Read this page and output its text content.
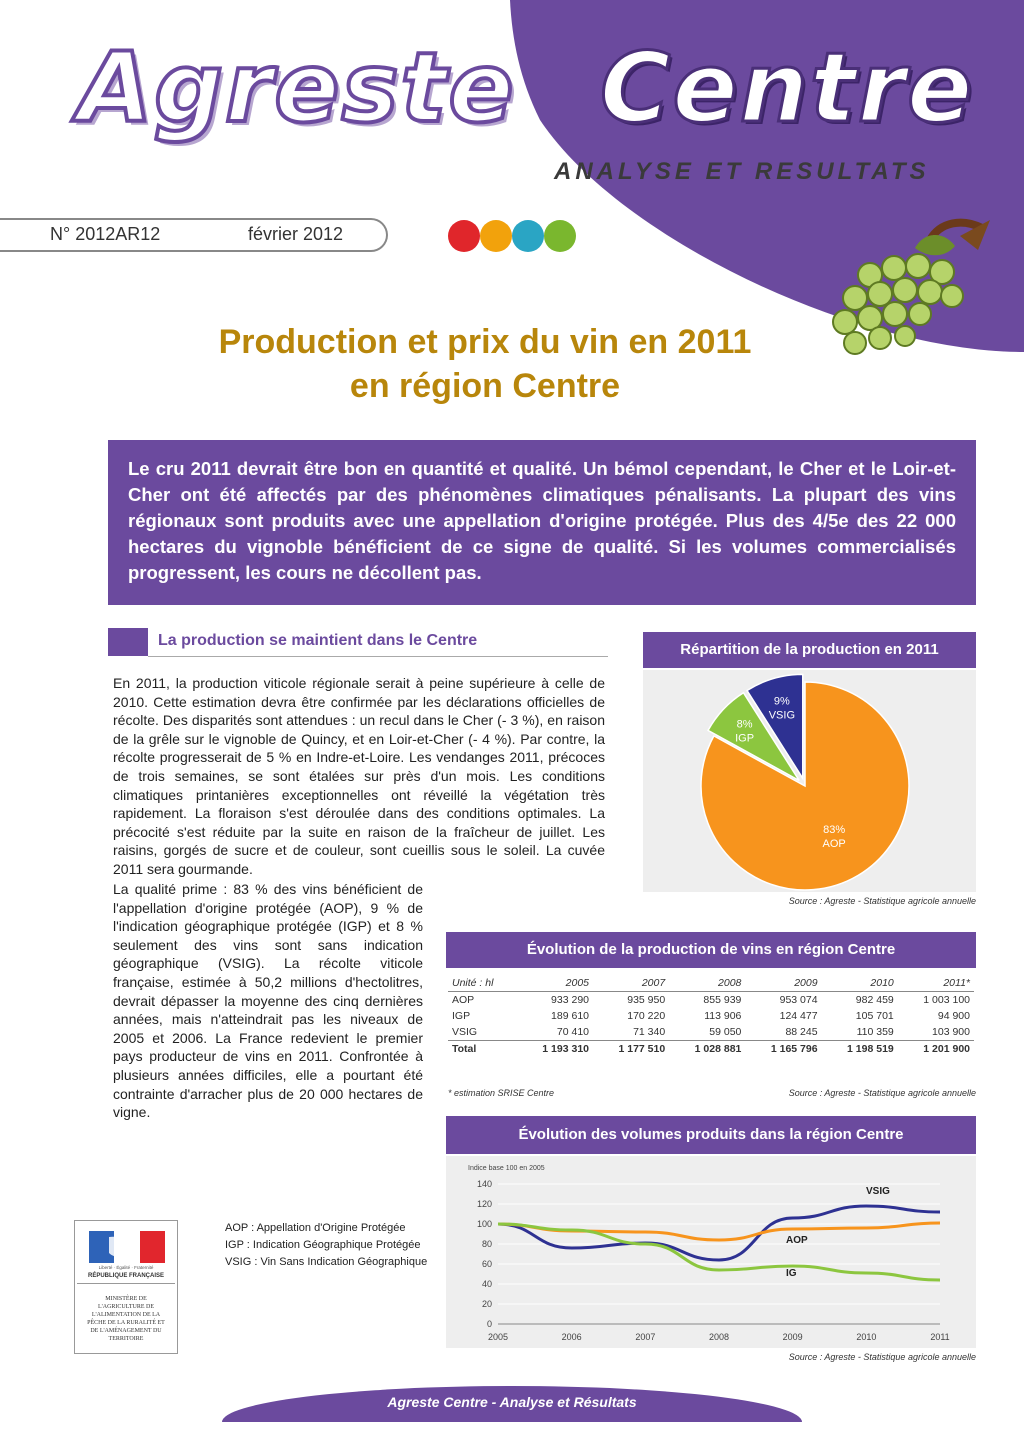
Agreste Centre
ANALYSE ET RESULTATS
N° 2012AR12	février 2012
Production et prix du vin en 2011
en région Centre
Le cru 2011 devrait être bon en quantité et qualité. Un bémol cependant, le Cher et le Loir-et-Cher ont été affectés par des phénomènes climatiques pénalisants. La plupart des vins régionaux sont produits avec une appellation d'origine protégée. Plus des 4/5e des 22 000 hectares du vignoble bénéficient de ce signe de qualité. Si les volumes commercialisés progressent, les cours ne décollent pas.
La production se maintient dans le Centre
En 2011, la production viticole régionale serait à peine supérieure à celle de 2010. Cette estimation devra être confirmée par les déclarations officielles de récolte. Des disparités sont attendues : un recul dans le Cher (- 3 %), en raison de la grêle sur le vignoble de Quincy, et en Loir-et-Cher (- 4 %). Par contre, la récolte progresserait de 5 % en Indre-et-Loire. Les vendanges 2011, précoces de trois semaines, se sont étalées sur près d'un mois. Les conditions climatiques printanières exceptionnelles ont réveillé la végétation très rapidement. La floraison s'est déroulée dans des conditions optimales. La précocité s'est réduite par la suite en raison de la fraîcheur de juillet. Les raisins, gorgés de sucre et de couleur, sont cueillis sous le soleil. La cuvée 2011 sera gourmande.
La qualité prime : 83 % des vins bénéficient de l'appellation d'origine protégée (AOP), 9 % de l'indication géographique protégée (IGP) et 8 % seulement des vins sont sans indication géographique (VSIG). La récolte viticole française, estimée à 50,2 millions d'hectolitres, devrait dépasser la moyenne des cinq dernières années, mais n'atteindrait pas les niveaux de 2005 et 2006. La France redevient le premier pays producteur de vins en 2011. Confrontée à plusieurs années difficiles, elle a pourtant été contrainte d'arracher plus de 20 000 hectares de vigne.
Répartition de la production en 2011
83%
AOP
8%
IGP
9%
VSIG
Source : Agreste - Statistique agricole annuelle
Évolution de la production de vins en région Centre
Unité : hl	2005	2007	2008	2009	2010	2011*
AOP	933 290	935 950	855 939	953 074	982 459	1 003 100
IGP	189 610	170 220	113 906	124 477	105 701	94 900
VSIG	70 410	71 340	59 050	88 245	110 359	103 900
Total	1 193 310	1 177 510	1 028 881	1 165 796	1 198 519	1 201 900
* estimation SRISE Centre	Source : Agreste - Statistique agricole annuelle
Évolution des volumes produits dans la région Centre
Indice base 100 en 2005
0
20
40
60
80
100
120
140
2005	2006	2007	2008	2009	2010	2011
VSIG
AOP
IG
Source : Agreste - Statistique agricole annuelle
AOP : Appellation d'Origine Protégée
IGP : Indication Géographique Protégée
VSIG : Vin Sans Indication Géographique
Liberté · Égalité · Fraternité
RÉPUBLIQUE FRANÇAISE
MINISTÈRE DE L'AGRICULTURE DE L'ALIMENTATION DE LA PÊCHE DE LA RURALITÉ ET DE L'AMÉNAGEMENT DU TERRITOIRE
Agreste Centre - Analyse et Résultats
